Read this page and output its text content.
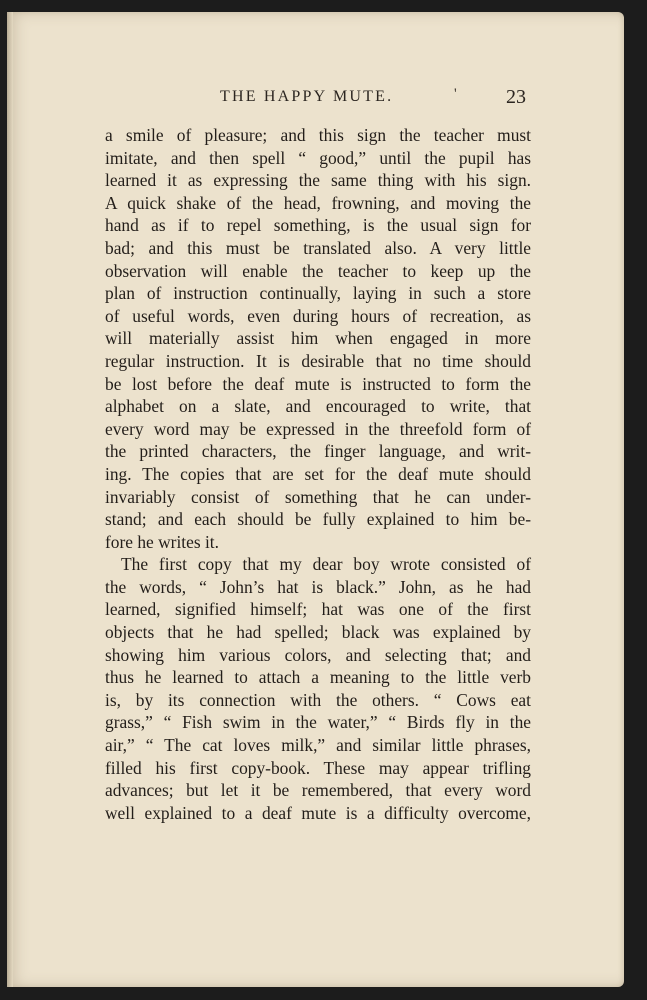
THE HAPPY MUTE.	' 23
a smile of pleasure; and this sign the teacher must
imitate, and then spell “ good,” until the pupil has
learned it as expressing the same thing with his sign.
A quick shake of the head, frowning, and moving the
hand as if to repel something, is the usual sign for
bad; and this must be translated also. A very little
observation will enable the teacher to keep up the
plan of instruction continually, laying in such a store
of useful words, even during hours of recreation, as
will materially assist him when engaged in more
regular instruction. It is desirable that no time should
be lost before the deaf mute is instructed to form the
alphabet on a slate, and encouraged to write, that
every word may be expressed in the threefold form of
the printed characters, the finger language, and writ-
ing. The copies that are set for the deaf mute should
invariably consist of something that he can under-
stand; and each should be fully explained to him be-
fore he writes it.
The first copy that my dear boy wrote consisted of
the words, “ John’s hat is black.” John, as he had
learned, signified himself; hat was one of the first
objects that he had spelled; black was explained by
showing him various colors, and selecting that; and
thus he learned to attach a meaning to the little verb
is, by its connection with the others. “ Cows eat
grass,” “ Fish swim in the water,” “ Birds fly in the
air,” “ The cat loves milk,” and similar little phrases,
filled his first copy-book. These may appear trifling
advances; but let it be remembered, that every word
well explained to a deaf mute is a difficulty overcome,
